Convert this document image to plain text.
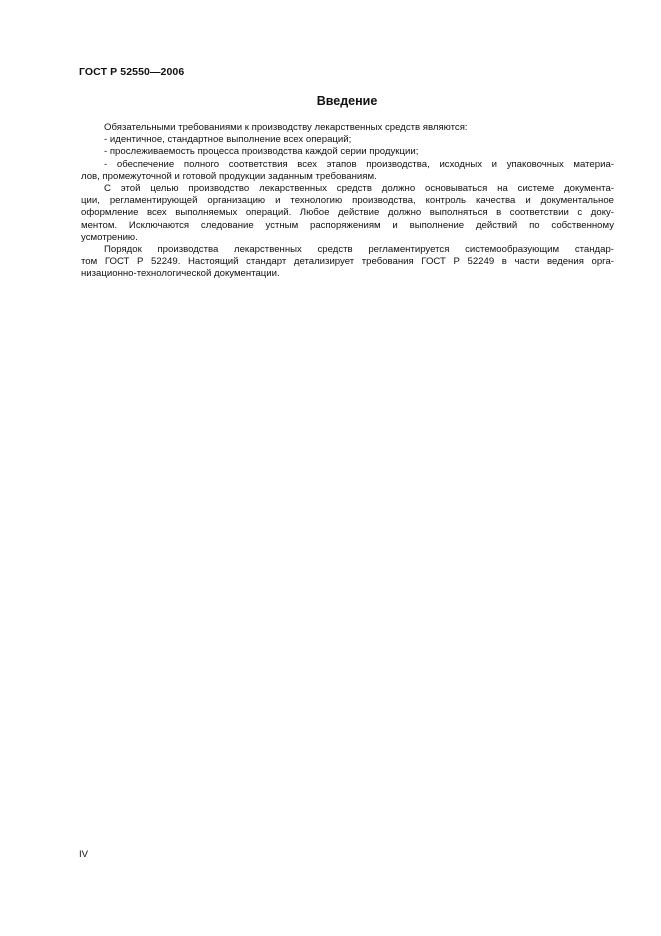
ГОСТ Р 52550—2006
Введение
Обязательными требованиями к производству лекарственных средств являются:
- идентичное, стандартное выполнение всех операций;
- прослеживаемость процесса производства каждой серии продукции;
- обеспечение полного соответствия всех этапов производства, исходных и упаковочных материа-
лов, промежуточной и готовой продукции заданным требованиям.
С этой целью производство лекарственных средств должно основываться на системе документа-
ции, регламентирующей организацию и технологию производства, контроль качества и документальное
оформление всех выполняемых операций. Любое действие должно выполняться в соответствии с доку-
ментом. Исключаются следование устным распоряжениям и выполнение действий по собственному
усмотрению.
Порядок производства лекарственных средств регламентируется системообразующим стандар-
том ГОСТ Р 52249. Настоящий стандарт детализирует требования ГОСТ Р 52249 в части ведения орга-
низационно-технологической документации.
IV
